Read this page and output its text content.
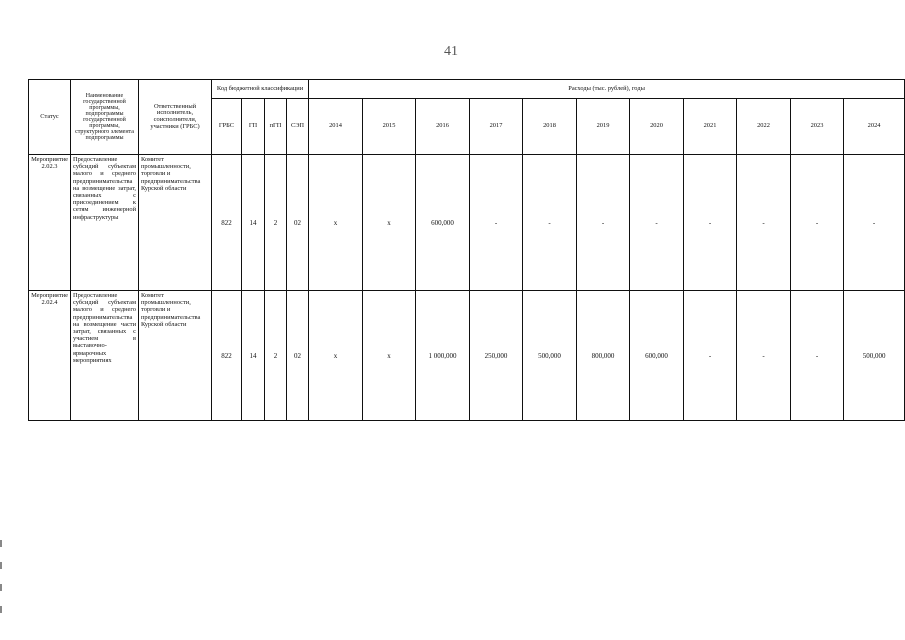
41
Статус	Наименование государственной программы, подпрограммы государственной программы, структурного элемента подпрограммы	Ответственный исполнитель, соисполнители, участники (ГРБС)	Код бюджетной классификации				Расходы (тыс. рублей), годы										
			ГРБС	ГП	пГП	СЭП	2014	2015	2016	2017	2018	2019	2020	2021	2022	2023	2024
Мероприятие 2.02.3	Предоставление субсидий субъектам малого и среднего предпринимательства на возмещение затрат, связанных с присоединением к сетям инженерной инфраструктуры	Комитет промышленности, торговли и предпринимательства Курской области	822	14	2	02	х	х	600,000	-	-	-	-	-	-	-	-
Мероприятие 2.02.4	Предоставление субсидий субъектам малого и среднего предпринимательства на возмещение части затрат, связанных с участием в выставочно-ярмарочных мероприятиях	Комитет промышленности, торговли и предпринимательства Курской области	822	14	2	02	х	х	1 000,000	250,000	500,000	800,000	600,000	-	-	-	500,000
